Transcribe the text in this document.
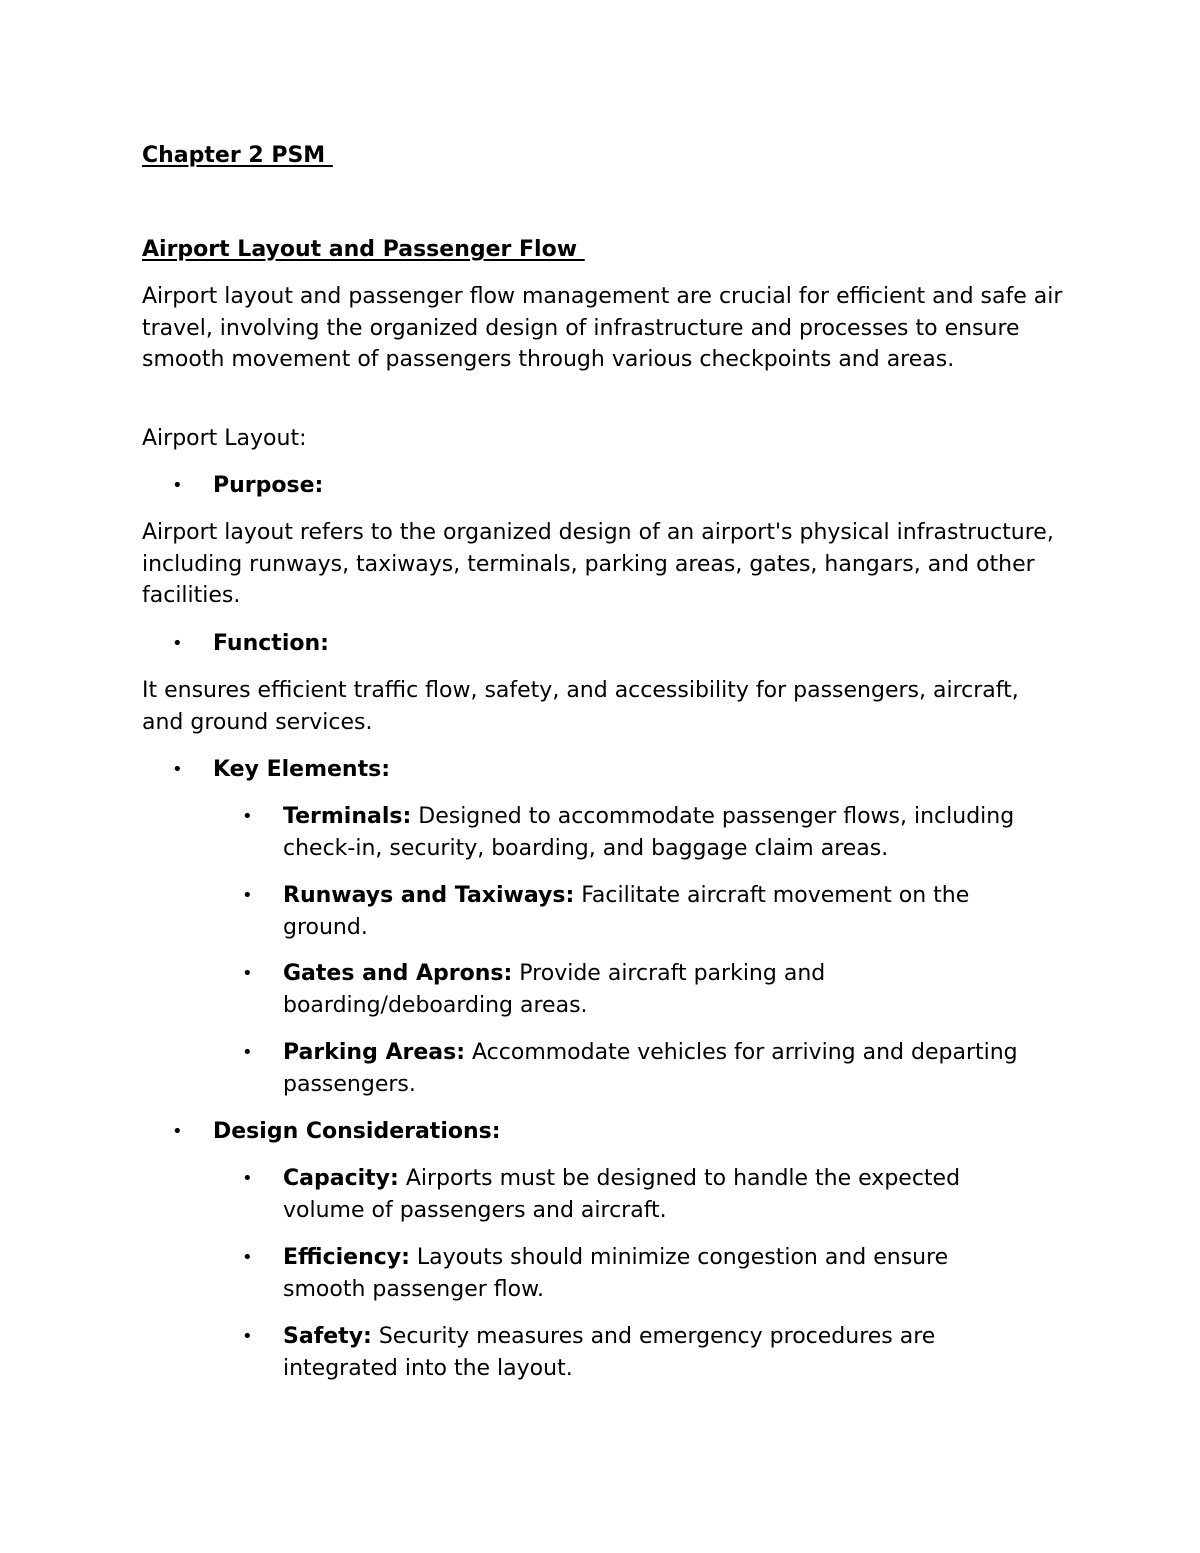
Chapter 2 PSM
Airport Layout and Passenger Flow

Airport layout and passenger flow management are crucial for efficient and safe air travel, involving the organized design of infrastructure and processes to ensure smooth movement of passengers through various checkpoints and areas.

Airport Layout:

•	Purpose:

Airport layout refers to the organized design of an airport's physical infrastructure, including runways, taxiways, terminals, parking areas, gates, hangars, and other facilities.

•	Function:

It ensures efficient traffic flow, safety, and accessibility for passengers, aircraft, and ground services.

•	Key Elements:
•	Terminals: Designed to accommodate passenger flows, including check-in, security, boarding, and baggage claim areas.
•	Runways and Taxiways: Facilitate aircraft movement on the ground.
•	Gates and Aprons: Provide aircraft parking and boarding/deboarding areas.
•	Parking Areas: Accommodate vehicles for arriving and departing passengers.
•	Design Considerations:
•	Capacity: Airports must be designed to handle the expected volume of passengers and aircraft.
•	Efficiency: Layouts should minimize congestion and ensure smooth passenger flow.
•	Safety: Security measures and emergency procedures are integrated into the layout.
